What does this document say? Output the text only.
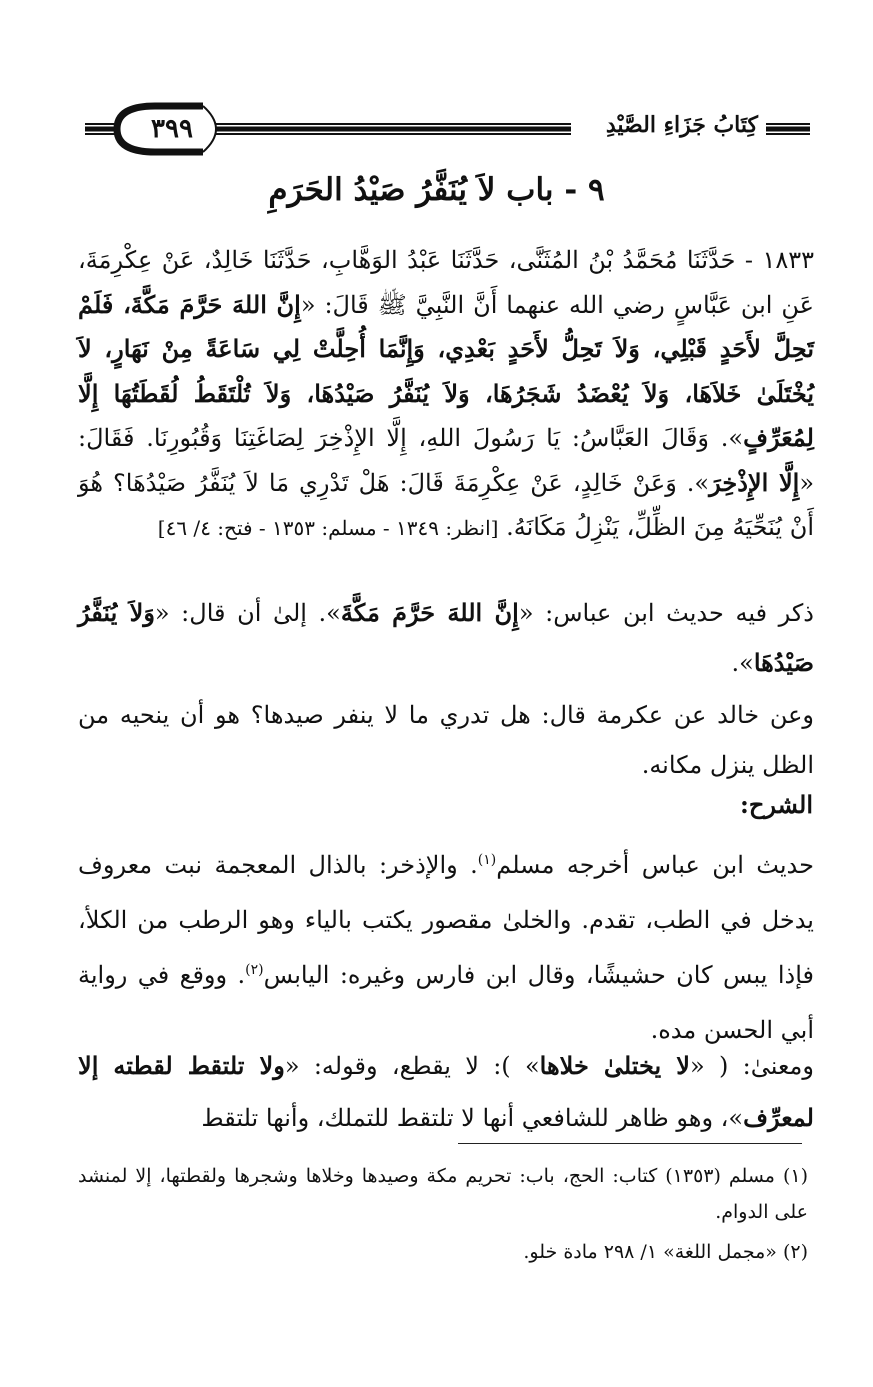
٣٩٩	كِتَابُ جَزَاءِ الصَّيْدِ
٩ - باب لاَ يُنَفَّرُ صَيْدُ الحَرَمِ
١٨٣٣ - حَدَّثَنَا مُحَمَّدُ بْنُ المُثَنَّى، حَدَّثَنَا عَبْدُ الوَهَّابِ، حَدَّثَنَا خَالِدٌ، عَنْ عِكْرِمَةَ، عَنِ ابن عَبَّاسٍ رضي الله عنهما أَنَّ النَّبِيَّ ﷺ قَالَ: «إِنَّ اللهَ حَرَّمَ مَكَّةَ، فَلَمْ تَحِلَّ لأَحَدٍ قَبْلِي، وَلاَ تَحِلُّ لأَحَدٍ بَعْدِي، وَإِنَّمَا أُحِلَّتْ لِي سَاعَةً مِنْ نَهَارٍ، لاَ يُخْتَلَىٰ خَلاَهَا، وَلاَ يُعْضَدُ شَجَرُهَا، وَلاَ يُنَفَّرُ صَيْدُهَا، وَلاَ تُلْتَقَطُ لُقَطَتُهَا إِلَّا لِمُعَرِّفٍ». وَقَالَ العَبَّاسُ: يَا رَسُولَ اللهِ، إِلَّا الإِذْخِرَ لِصَاغَتِنَا وَقُبُورِنَا. فَقَالَ: «إِلَّا الإِذْخِرَ». وَعَنْ خَالِدٍ، عَنْ عِكْرِمَةَ قَالَ: هَلْ تَدْرِي مَا لاَ يُنَفَّرُ صَيْدُهَا؟ هُوَ أَنْ يُنَحِّيَهُ مِنَ الظِّلِّ، يَنْزِلُ مَكَانَهُ. [انظر: ١٣٤٩ - مسلم: ١٣٥٣ - فتح: ٤/ ٤٦]
ذكر فيه حديث ابن عباس: «إِنَّ اللهَ حَرَّمَ مَكَّةَ». إلىٰ أن قال: «وَلاَ يُنَفَّرُ صَيْدُهَا».
وعن خالد عن عكرمة قال: هل تدري ما لا ينفر صيدها؟ هو أن ينحيه من الظل ينزل مكانه.
الشرح:
حديث ابن عباس أخرجه مسلم$^{(١)}$. والإذخر: بالذال المعجمة نبت معروف يدخل في الطب، تقدم. والخلىٰ مقصور يكتب بالياء وهو الرطب من الكلأ، فإذا يبس كان حشيشًا، وقال ابن فارس وغيره: اليابس$^{(٢)}$. ووقع في رواية أبي الحسن مده.
ومعنىٰ: ( «لا يختلىٰ خلاها» ): لا يقطع، وقوله: «ولا تلتقط لقطته إلا لمعرِّف»، وهو ظاهر للشافعي أنها لا تلتقط للتملك، وأنها تلتقط
(١) مسلم (١٣٥٣) كتاب: الحج، باب: تحريم مكة وصيدها وخلاها وشجرها ولقطتها، إلا لمنشد على الدوام.
(٢) «مجمل اللغة» ١/ ٢٩٨ مادة خلو.
